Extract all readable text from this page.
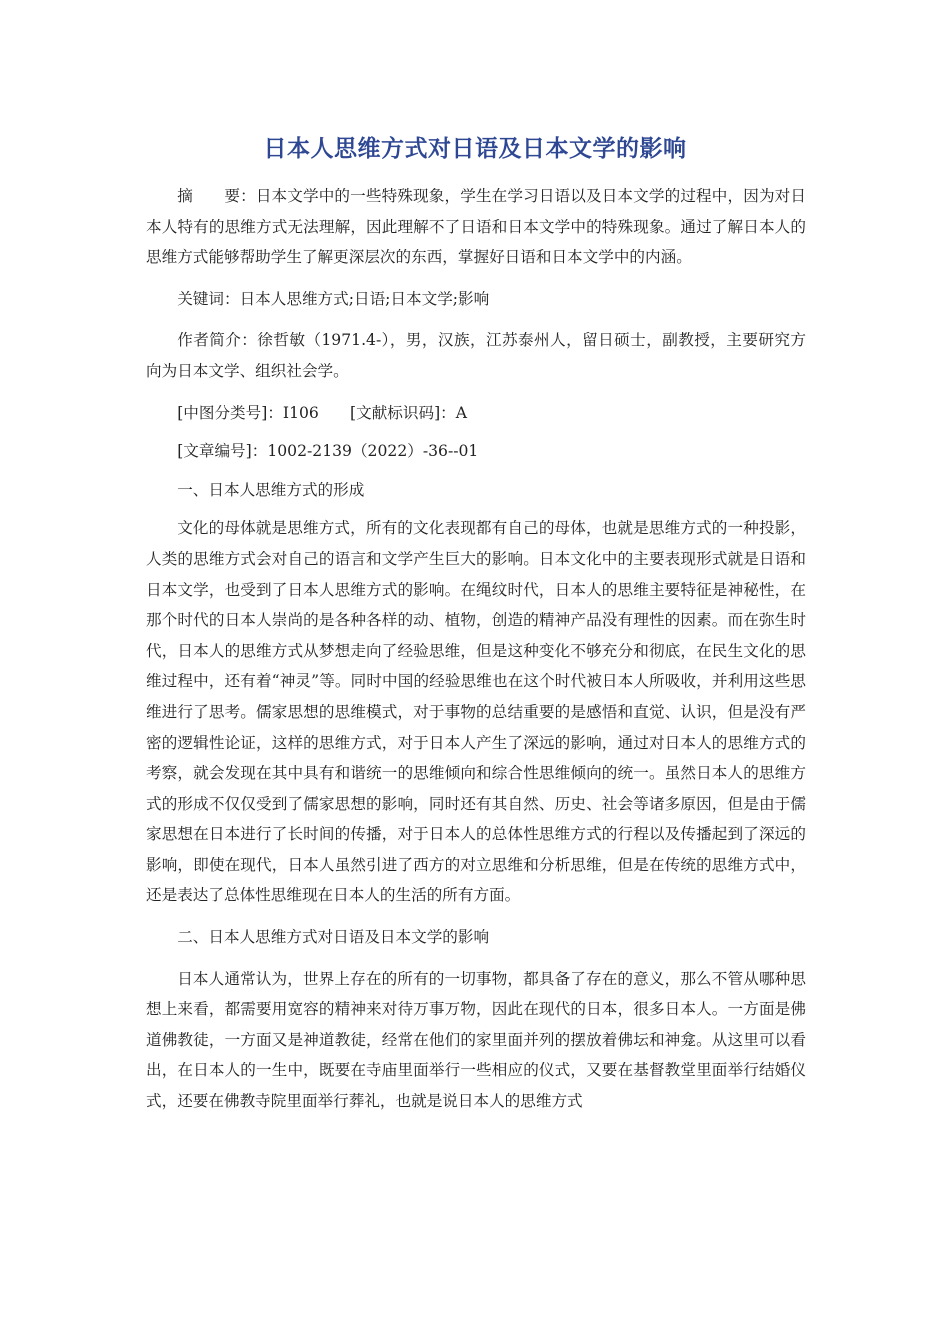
日本人思维方式对日语及日本文学的影响

摘　　要：日本文学中的一些特殊现象，学生在学习日语以及日本文学的过程中，因为对日本人特有的思维方式无法理解，因此理解不了日语和日本文学中的特殊现象。通过了解日本人的思维方式能够帮助学生了解更深层次的东西，掌握好日语和日本文学中的内涵。

关键词：日本人思维方式;日语;日本文学;影响

作者简介：徐哲敏（1971.4-），男，汉族，江苏泰州人，留日硕士，副教授，主要研究方向为日本文学、组织社会学。

[中图分类号]：I106　　[文献标识码]：A

[文章编号]：1002-2139（2022）-36--01

一、日本人思维方式的形成

文化的母体就是思维方式，所有的文化表现都有自己的母体，也就是思维方式的一种投影，人类的思维方式会对自己的语言和文学产生巨大的影响。日本文化中的主要表现形式就是日语和日本文学，也受到了日本人思维方式的影响。在绳纹时代，日本人的思维主要特征是神秘性，在那个时代的日本人崇尚的是各种各样的动、植物，创造的精神产品没有理性的因素。而在弥生时代，日本人的思维方式从梦想走向了经验思维，但是这种变化不够充分和彻底，在民生文化的思维过程中，还有着“神灵”等。同时中国的经验思维也在这个时代被日本人所吸收，并利用这些思维进行了思考。儒家思想的思维模式，对于事物的总结重要的是感悟和直觉、认识，但是没有严密的逻辑性论证，这样的思维方式，对于日本人产生了深远的影响，通过对日本人的思维方式的考察，就会发现在其中具有和谐统一的思维倾向和综合性思维倾向的统一。虽然日本人的思维方式的形成不仅仅受到了儒家思想的影响，同时还有其自然、历史、社会等诸多原因，但是由于儒家思想在日本进行了长时间的传播，对于日本人的总体性思维方式的行程以及传播起到了深远的影响，即使在现代，日本人虽然引进了西方的对立思维和分析思维，但是在传统的思维方式中，还是表达了总体性思维现在日本人的生活的所有方面。

二、日本人思维方式对日语及日本文学的影响

日本人通常认为，世界上存在的所有的一切事物，都具备了存在的意义，那么不管从哪种思想上来看，都需要用宽容的精神来对待万事万物，因此在现代的日本，很多日本人。一方面是佛道佛教徒，一方面又是神道教徒，经常在他们的家里面并列的摆放着佛坛和神龛。从这里可以看出，在日本人的一生中，既要在寺庙里面举行一些相应的仪式，又要在基督教堂里面举行结婚仪式，还要在佛教寺院里面举行葬礼，也就是说日本人的思维方式
